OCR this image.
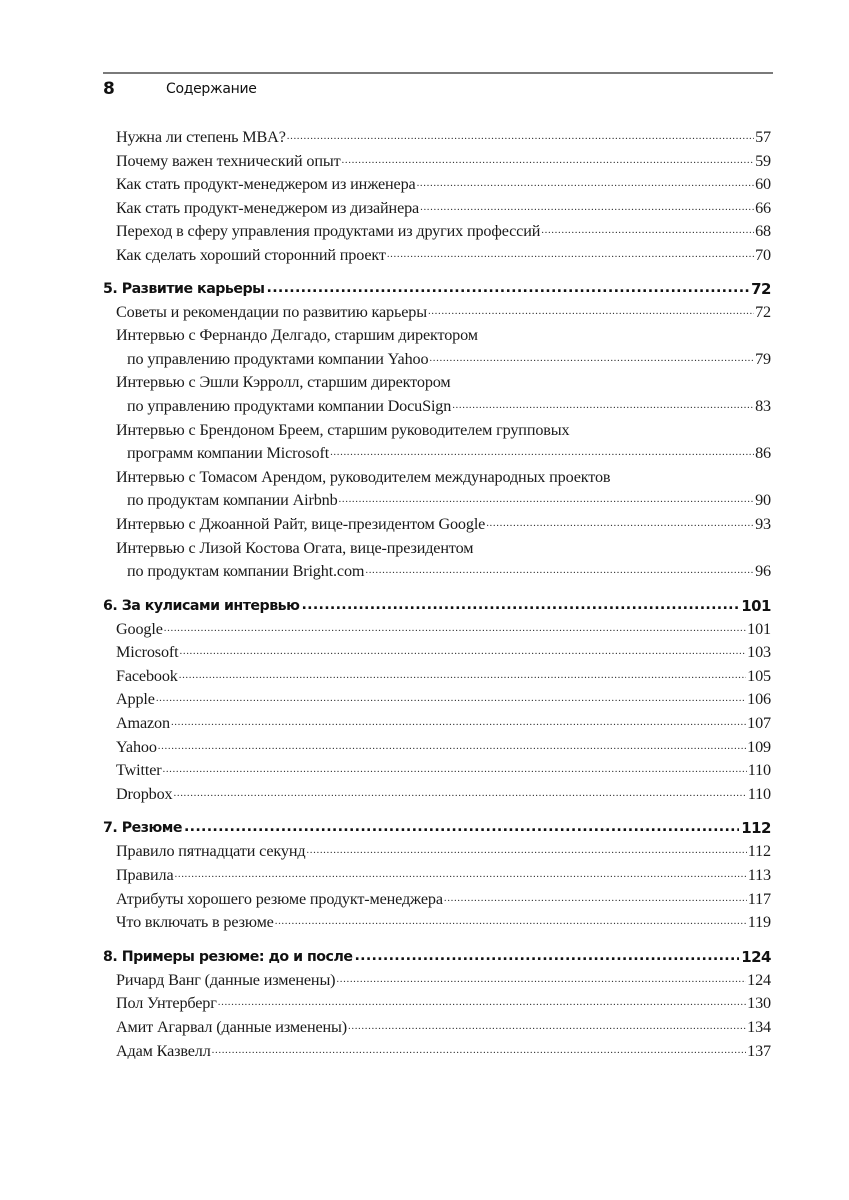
8	Содержание
Нужна ли степень MBA? .....	57
Почему важен технический опыт .....	59
Как стать продукт-менеджером из инженера .....	60
Как стать продукт-менеджером из дизайнера .....	66
Переход в сферу управления продуктами из других профессий .....	68
Как сделать хороший сторонний проект .....	70
5. Развитие карьеры .....	72
Советы и рекомендации по развитию карьеры .....	72
Интервью с Фернандо Делгадо, старшим директором
по управлению продуктами компании Yahoo .....	79
Интервью с Эшли Кэрролл, старшим директором
по управлению продуктами компании DocuSign .....	83
Интервью с Брендоном Бреем, старшим руководителем групповых
программ компании Microsoft .....	86
Интервью с Томасом Арендом, руководителем международных проектов
по продуктам компании Airbnb .....	90
Интервью с Джоанной Райт, вице-президентом Google .....	93
Интервью с Лизой Костова Огата, вице-президентом
по продуктам компании Bright.com .....	96
6. За кулисами интервью .....	101
Google .....	101
Microsoft .....	103
Facebook .....	105
Apple .....	106
Amazon .....	107
Yahoo .....	109
Twitter .....	110
Dropbox .....	110
7. Резюме .....	112
Правило пятнадцати секунд .....	112
Правила .....	113
Атрибуты хорошего резюме продукт-менеджера .....	117
Что включать в резюме .....	119
8. Примеры резюме: до и после .....	124
Ричард Ванг (данные изменены) .....	124
Пол Унтерберг .....	130
Амит Агарвал (данные изменены) .....	134
Адам Казвелл .....	137
